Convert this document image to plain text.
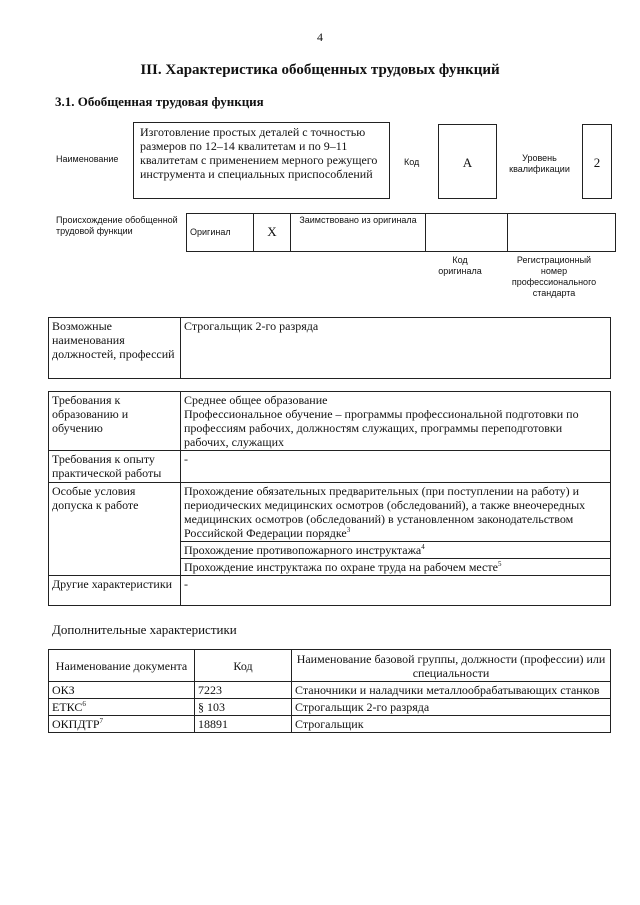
4
III. Характеристика обобщенных трудовых функций
3.1. Обобщенная трудовая функция
Наименование
Изготовление простых деталей с точностью размеров по 12–14 квалитетам и по 9–11 квалитетам с применением мерного режущего инструмента и специальных приспособлений
Код	А	Уровень квалификации	2
Происхождение обобщенной трудовой функции	Оригинал	X	Заимствовано из оригинала		
Код оригинала
Регистрационный номер профессионального стандарта
Возможные наименования должностей, профессий	Строгальщик 2-го разряда
Требования к образованию и обучению	Среднее общее образование
Профессиональное обучение – программы профессиональной подготовки по профессиям рабочих, должностям служащих, программы переподготовки рабочих, служащих

Требования к опыту практической работы	-
Особые условия допуска к работе	Прохождение обязательных предварительных (при поступлении на работу) и периодических медицинских осмотров (обследований), а также внеочередных медицинских осмотров (обследований) в установленном законодательством Российской Федерации порядке$^3$
	Прохождение противопожарного инструктажа$^4$
	Прохождение инструктажа по охране труда на рабочем месте$^5$
Другие характеристики	-
Дополнительные характеристики
Наименование документа	Код	Наименование базовой группы, должности (профессии) или специальности
ОКЗ	7223	Станочники и наладчики металлообрабатывающих станков
ЕТКС$^6$	§ 103	Строгальщик 2-го разряда
ОКПДТР$^7$	18891	Строгальщик
